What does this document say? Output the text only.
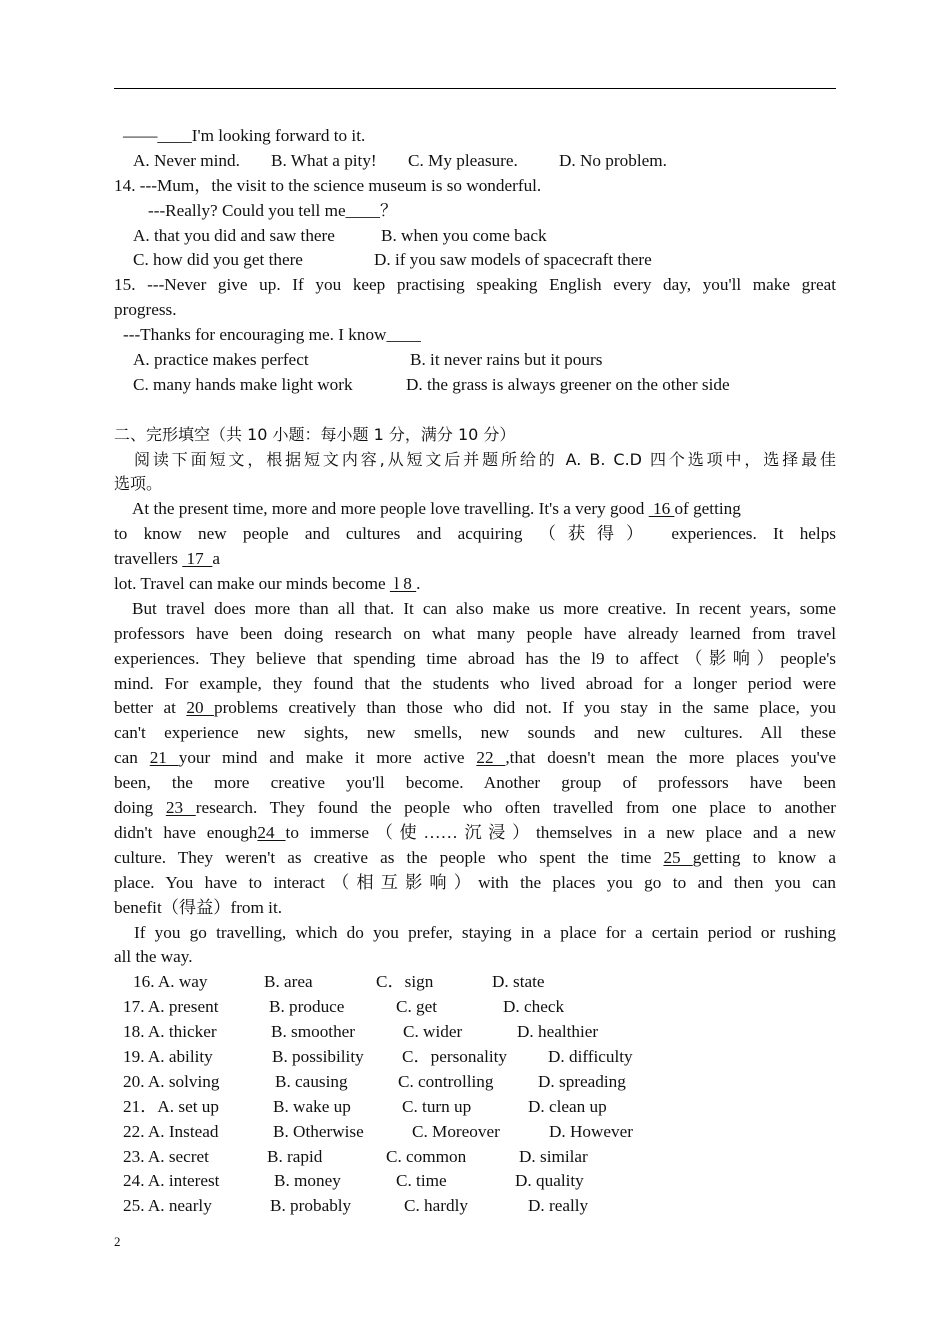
——____I'm looking forward to it.

A. Never mind.

B. What a pity!

C. My pleasure.

D. No problem.

14. ---Mum，the visit to the science museum is so wonderful.
---Really? Could you tell me____？

A. that you did and saw there

	B. when you come back

C. how did you get there

	D. if you saw models of spacecraft there

15. ---Never give up. If you keep practising speaking English every day, you'll make great
progress.
---Thanks for encouraging me. I know____

A. practice makes perfect

	B. it never rains but it pours

C. many hands make light work

	D. the grass is always greener on the other side

二、完形填空（共 10 小题：每小题 1 分，满分 10 分）
阅读下面短文，根据短文内容,从短文后并题所给的 A. B. C.D 四个选项中，选择最佳
选项。
At the present time, more and more people love travelling. It's a very good  16 of getting
to know new people and cultures and acquiring （获得） experiences. It helps
travellers  17  a
lot. Travel can make our minds become  l 8 .
But travel does more than all that. It can also make us more creative. In recent years, some
professors have been doing research on what many people have already learned from travel
experiences. They believe that spending time abroad has the l9 to affect（影响）people's
mind. For example, they found that the students who lived abroad for a longer period were
better at 20 problems creatively than those who did not. If you stay in the same place, you
can't experience new sights, new smells, new sounds and new cultures. All these
can 21 your mind and make it more active 22 ,that doesn't mean the more places you've
been, the more creative you'll become. Another group of professors have been
doing 23 research. They found the people who often travelled from one place to another
didn't have enough24 to immerse（使……沉浸）themselves in a new place and a new
culture. They weren't as creative as the people who spent the time 25 getting to know a
place. You have to interact（相互影响）with the places you go to and then you can
benefit（得益）from it.
If you go travelling, which do you prefer, staying in a place for a certain period or rushing
all the way.

16. A. way

	B. area

	C．sign

	D. state

17. A. present

	B. produce

	C. get

	D. check

18. A. thicker

	B. smoother

	C. wider

	D. healthier

19. A. ability

	B. possibility

C．personality

D. difficulty

20. A. solving

	B. causing

	C. controlling

	D. spreading

21．A. set up

	B. wake up

	C. turn up

	D. clean up

22. A. Instead

	B. Otherwise

	C. Moreover

	D. However

23. A. secret

	B. rapid

	C. common

	D. similar

24. A. interest

	B. money

	C. time

	D. quality

25. A. nearly

	B. probably

	C. hardly

	D. really

2
